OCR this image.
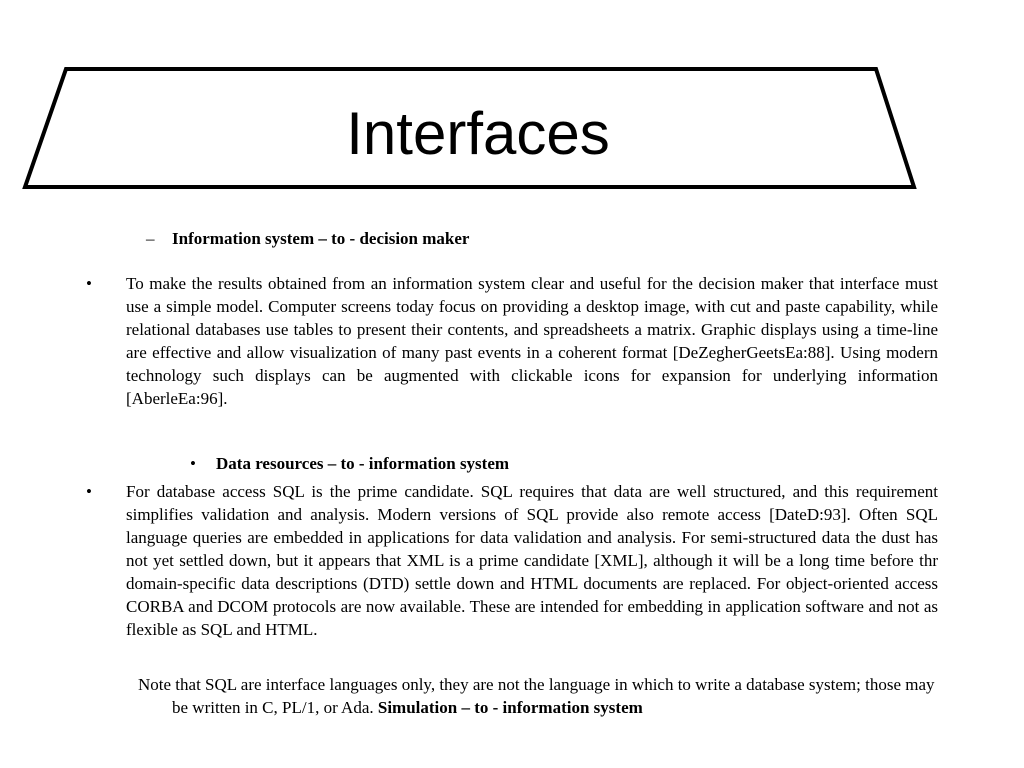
Interfaces
– Information system – to - decision maker
• To make the results obtained from an information system clear and useful for the decision maker that interface must use a simple model. Computer screens today focus on providing a desktop image, with cut and paste capability, while relational databases use tables to present their contents, and spreadsheets a matrix. Graphic displays using a time-line are effective and allow visualization of many past events in a coherent format [DeZegherGeetsEa:88]. Using modern technology such displays can be augmented with clickable icons for expansion for underlying information [AberleEa:96].
• Data resources – to - information system
• For database access SQL is the prime candidate. SQL requires that data are well structured, and this requirement simplifies validation and analysis. Modern versions of SQL provide also remote access [DateD:93]. Often SQL language queries are embedded in applications for data validation and analysis. For semi-structured data the dust has not yet settled down, but it appears that XML is a prime candidate [XML], although it will be a long time before thr domain-specific data descriptions (DTD) settle down and HTML documents are replaced. For object-oriented access CORBA and DCOM protocols are now available. These are intended for embedding in application software and not as flexible as SQL and HTML.
Note that SQL are interface languages only, they are not the language in which to write a database system; those may be written in C, PL/1, or Ada. Simulation – to - information system
